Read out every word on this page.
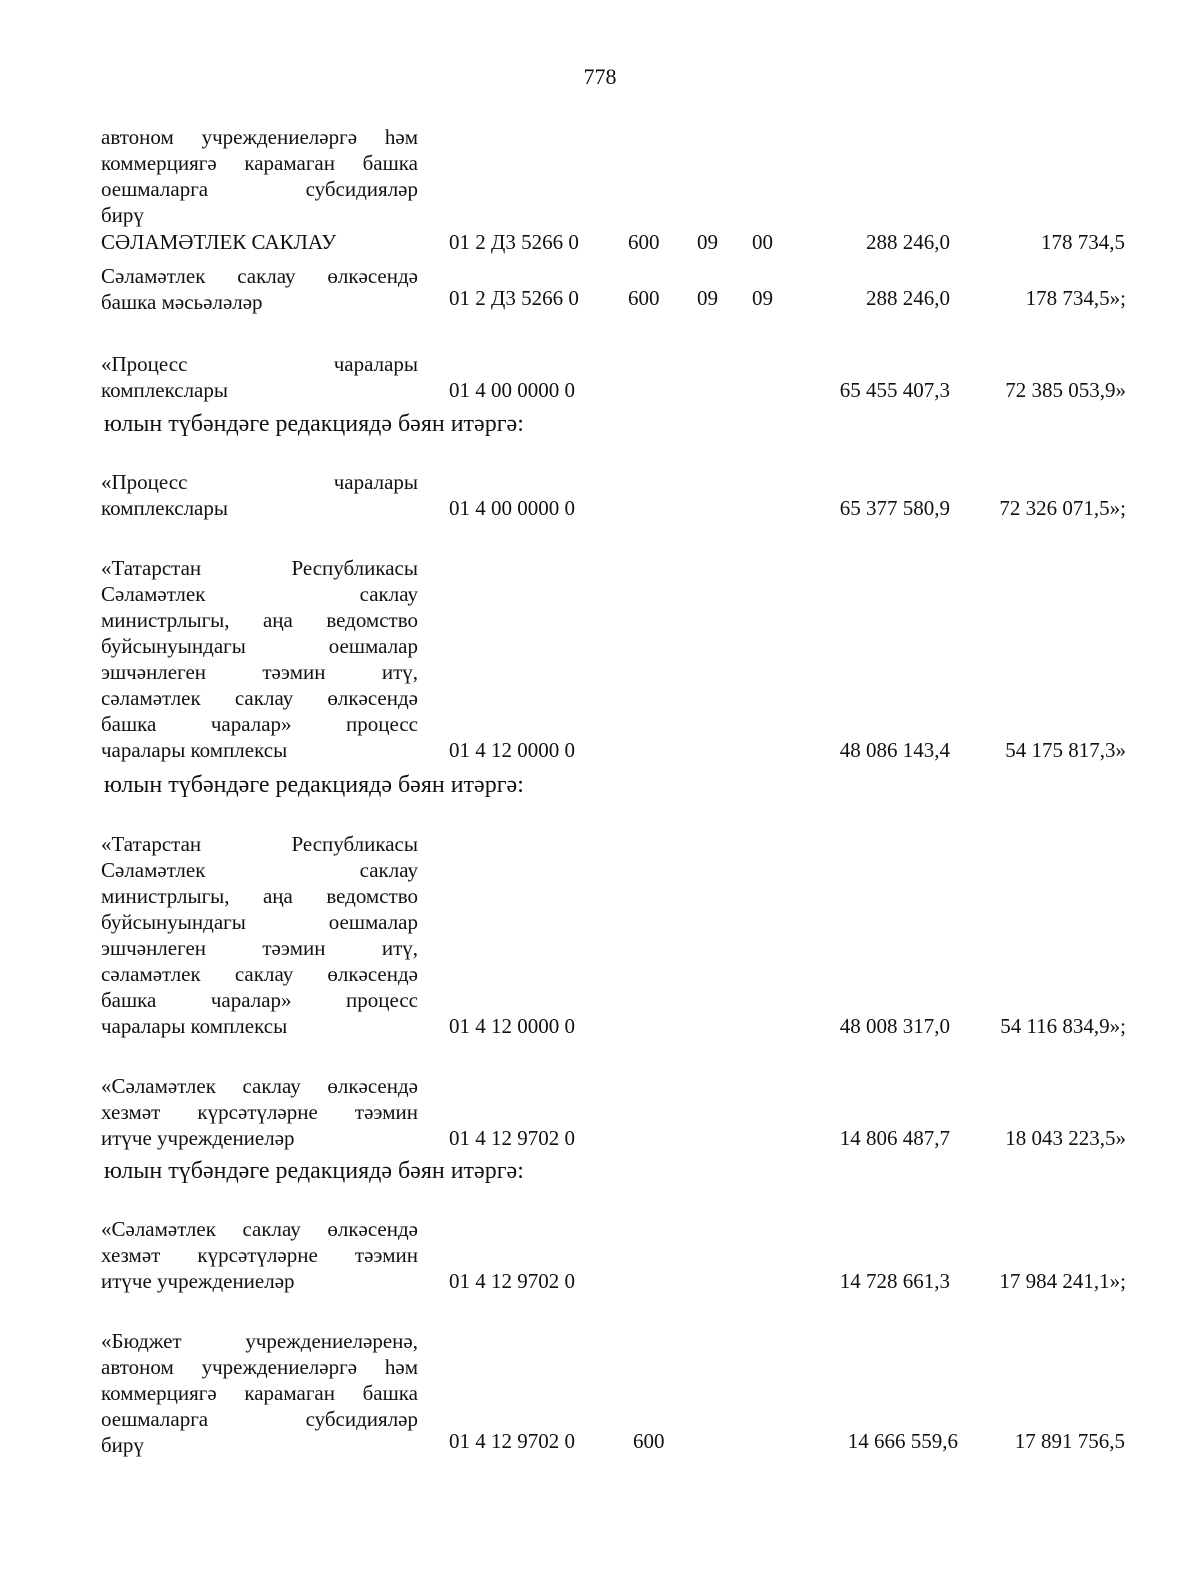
778
автоном учреждениеләргә һәм
коммерциягә карамаган башка
оешмаларга субсидияләр
бирү
СӘЛАМӘТЛЕК САКЛАУ	01 2 Д3 5266 0 600 09 00	288 246,0	178 734,5
Сәламәтлек саклау өлкәсендә
башка мәсьәләләр	01 2 Д3 5266 0 600 09 09	288 246,0	178 734,5»;
«Процесс чаралары
комплекслары	01 4 00 0000 0	65 455 407,3	72 385 053,9»
юлын түбәндәге редакциядә бәян итәргә:
«Процесс чаралары
комплекслары	01 4 00 0000 0	65 377 580,9	72 326 071,5»;
«Татарстан Республикасы
Сәламәтлек саклау
министрлыгы, аңа ведомство
буйсынуындагы оешмалар
эшчәнлеген тәэмин итү,
сәламәтлек саклау өлкәсендә
башка чаралар» процесс
чаралары комплексы	01 4 12 0000 0	48 086 143,4	54 175 817,3»
юлын түбәндәге редакциядә бәян итәргә:
«Татарстан Республикасы
Сәламәтлек саклау
министрлыгы, аңа ведомство
буйсынуындагы оешмалар
эшчәнлеген тәэмин итү,
сәламәтлек саклау өлкәсендә
башка чаралар» процесс
чаралары комплексы	01 4 12 0000 0	48 008 317,0	54 116 834,9»;
«Сәламәтлек саклау өлкәсендә
хезмәт күрсәтүләрне тәэмин
итүче учреждениеләр	01 4 12 9702 0	14 806 487,7	18 043 223,5»
юлын түбәндәге редакциядә бәян итәргә:
«Сәламәтлек саклау өлкәсендә
хезмәт күрсәтүләрне тәэмин
итүче учреждениеләр	01 4 12 9702 0	14 728 661,3	17 984 241,1»;
«Бюджет учреждениеләренә,
автоном учреждениеләргә һәм
коммерциягә карамаган башка
оешмаларга субсидияләр
бирү	01 4 12 9702 0	600	14 666 559,6	17 891 756,5
